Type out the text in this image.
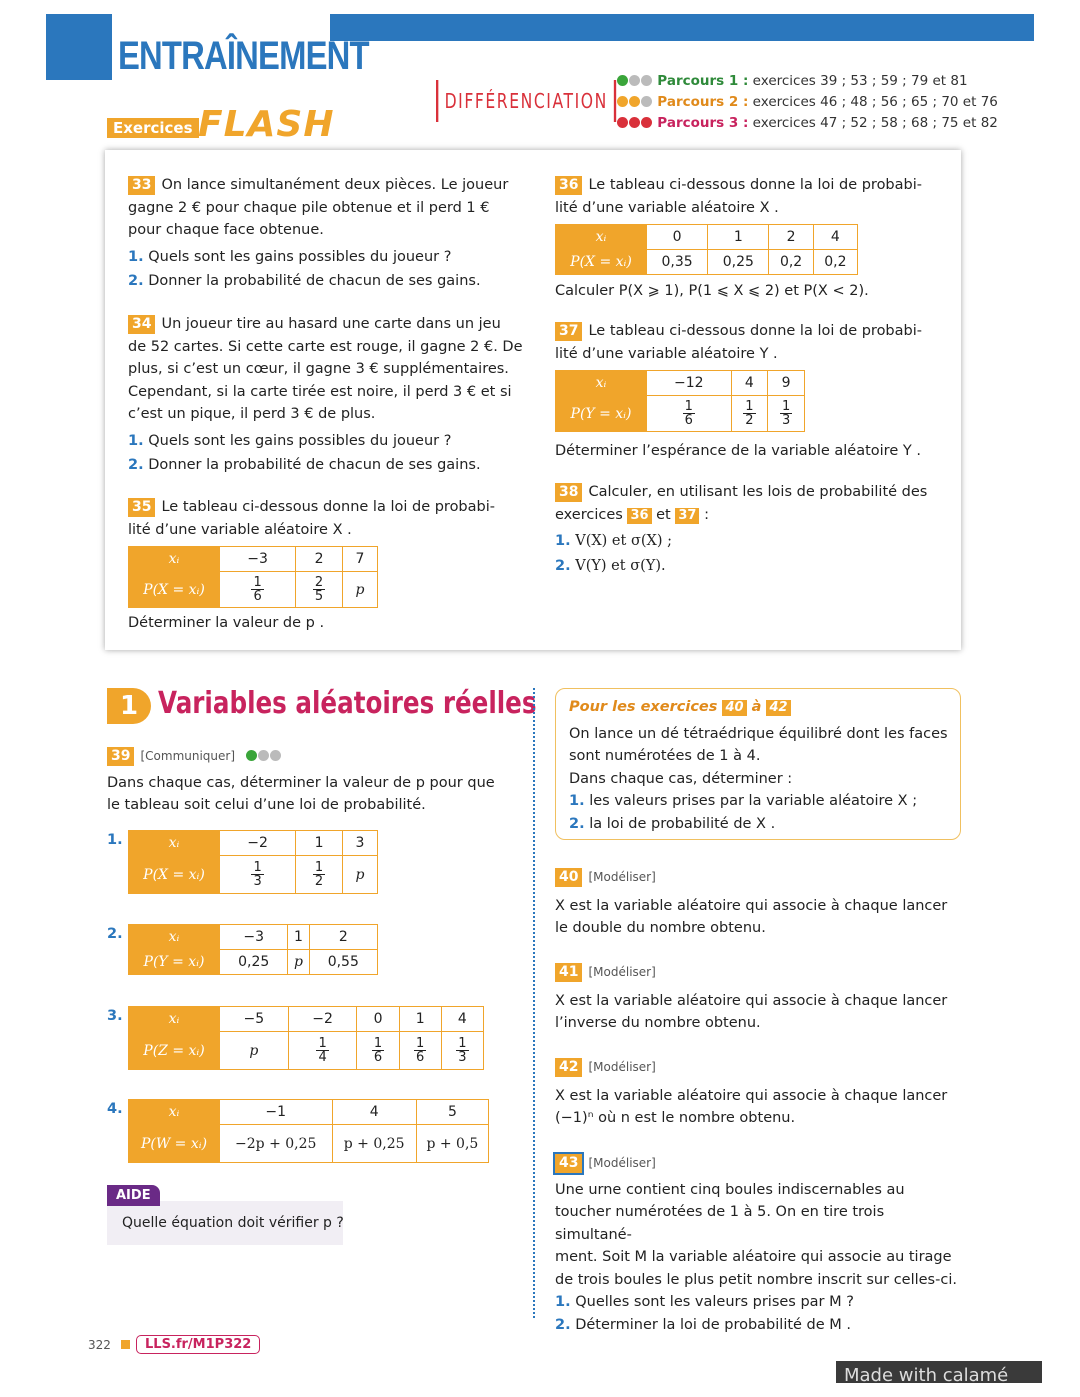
ENTRAÎNEMENT
Exercices FLASH
DIFFÉRENCIATION
Parcours 1 : exercices 39 ; 53 ; 59 ; 79 et 81
Parcours 2 : exercices 46 ; 48 ; 56 ; 65 ; 70 et 76
Parcours 3 : exercices 47 ; 52 ; 58 ; 68 ; 75 et 82
33 On lance simultanément deux pièces. Le joueur
gagne 2 € pour chaque pile obtenue et il perd 1 €
pour chaque face obtenue.
1. Quels sont les gains possibles du joueur ?
2. Donner la probabilité de chacun de ses gains.
34 Un joueur tire au hasard une carte dans un jeu
de 52 cartes. Si cette carte est rouge, il gagne 2 €. De
plus, si c’est un cœur, il gagne 3 € supplémentaires.
Cependant, si la carte tirée est noire, il perd 3 € et si
c’est un pique, il perd 3 € de plus.
1. Quels sont les gains possibles du joueur ?
2. Donner la probabilité de chacun de ses gains.
35 Le tableau ci-dessous donne la loi de probabi-
lité d’une variable aléatoire X .
xᵢ	−3	2	7
P(X = xᵢ)	$\frac{1}{6}$	$\frac{2}{5}$	p
Déterminer la valeur de p .
36 Le tableau ci-dessous donne la loi de probabi-
lité d’une variable aléatoire X .
xᵢ	0	1	2	4
P(X = xᵢ)	0,35	0,25	0,2	0,2
Calculer P(X ⩾ 1), P(1 ⩽ X ⩽ 2) et P(X < 2).
37 Le tableau ci-dessous donne la loi de probabi-
lité d’une variable aléatoire Y .
xᵢ	−12	4	9
P(Y = xᵢ)	$\frac{1}{6}$	$\frac{1}{2}$	$\frac{1}{3}$
Déterminer l’espérance de la variable aléatoire Y .
38 Calculer, en utilisant les lois de probabilité des
exercices 36 et 37 :
1. V(X) et σ(X) ;
2. V(Y) et σ(Y).
1 Variables aléatoires réelles
39 [Communiquer]
Dans chaque cas, déterminer la valeur de p pour que
le tableau soit celui d’une loi de probabilité.
1.	xᵢ	−2	1	3
P(X = xᵢ)	$\frac{1}{3}$	$\frac{1}{2}$	p
2.	xᵢ	−3	1	2
P(Y = xᵢ)	0,25	p	0,55
3.	xᵢ	−5	−2	0	1	4
P(Z = xᵢ)	p	$\frac{1}{4}$	$\frac{1}{6}$	$\frac{1}{6}$	$\frac{1}{3}$
4.	xᵢ	−1	4	5
P(W = xᵢ)	−2p + 0,25	p + 0,25	p + 0,5
AIDE
Quelle équation doit vérifier p ?
Pour les exercices 40 à 42
On lance un dé tétraédrique équilibré dont les faces
sont numérotées de 1 à 4.
Dans chaque cas, déterminer :
1. les valeurs prises par la variable aléatoire X ;
2. la loi de probabilité de X .
40 [Modéliser]
X est la variable aléatoire qui associe à chaque lancer
le double du nombre obtenu.
41 [Modéliser]
X est la variable aléatoire qui associe à chaque lancer
l’inverse du nombre obtenu.
42 [Modéliser]
X est la variable aléatoire qui associe à chaque lancer
(−1)ⁿ où n est le nombre obtenu.
43 [Modéliser]
Une urne contient cinq boules indiscernables au
toucher numérotées de 1 à 5. On en tire trois simultané-
ment. Soit M la variable aléatoire qui associe au tirage
de trois boules le plus petit nombre inscrit sur celles-ci.
1. Quelles sont les valeurs prises par M ?
2. Déterminer la loi de probabilité de M .
322	LLS.fr/M1P322
Made with calamé
